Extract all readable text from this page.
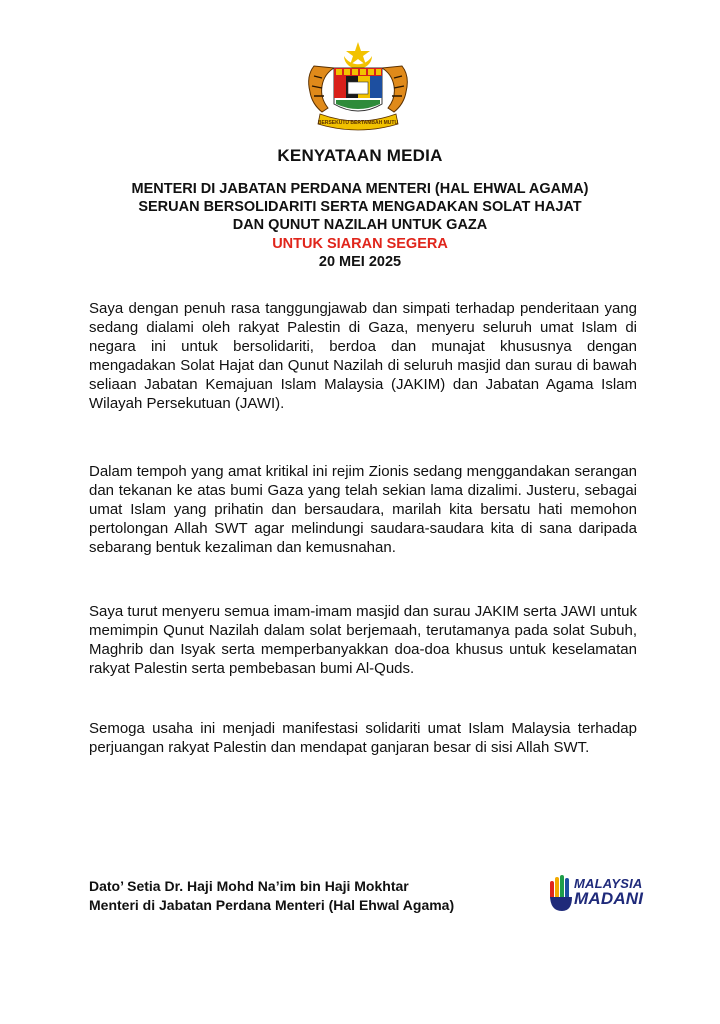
BERSEKUTU BERTAMBAH MUTU
KENYATAAN MEDIA
MENTERI DI JABATAN PERDANA MENTERI (HAL EHWAL AGAMA)
SERUAN BERSOLIDARITI SERTA MENGADAKAN SOLAT HAJAT
DAN QUNUT NAZILAH UNTUK GAZA
UNTUK SIARAN SEGERA
20 MEI 2025

Saya dengan penuh rasa tanggungjawab dan simpati terhadap penderitaan yang sedang dialami oleh rakyat Palestin di Gaza, menyeru seluruh umat Islam di negara ini untuk bersolidariti, berdoa dan munajat khususnya dengan mengadakan Solat Hajat dan Qunut Nazilah di seluruh masjid dan surau di bawah seliaan Jabatan Kemajuan Islam Malaysia (JAKIM) dan Jabatan Agama Islam Wilayah Persekutuan (JAWI).

Dalam tempoh yang amat kritikal ini rejim Zionis sedang menggandakan serangan dan tekanan ke atas bumi Gaza yang telah sekian lama dizalimi. Justeru, sebagai umat Islam yang prihatin dan bersaudara, marilah kita bersatu hati memohon pertolongan Allah SWT agar melindungi saudara-saudara kita di sana daripada sebarang bentuk kezaliman dan kemusnahan.

Saya turut menyeru semua imam-imam masjid dan surau JAKIM serta JAWI untuk memimpin Qunut Nazilah dalam solat berjemaah, terutamanya pada solat Subuh, Maghrib dan Isyak serta memperbanyakkan doa-doa khusus untuk keselamatan rakyat Palestin serta pembebasan bumi Al-Quds.

Semoga usaha ini menjadi manifestasi solidariti umat Islam Malaysia terhadap perjuangan rakyat Palestin dan mendapat ganjaran besar di sisi Allah SWT.

Dato’ Setia Dr. Haji Mohd Na’im bin Haji Mokhtar
Menteri di Jabatan Perdana Menteri (Hal Ehwal Agama)
MALAYSIA
MADANI
